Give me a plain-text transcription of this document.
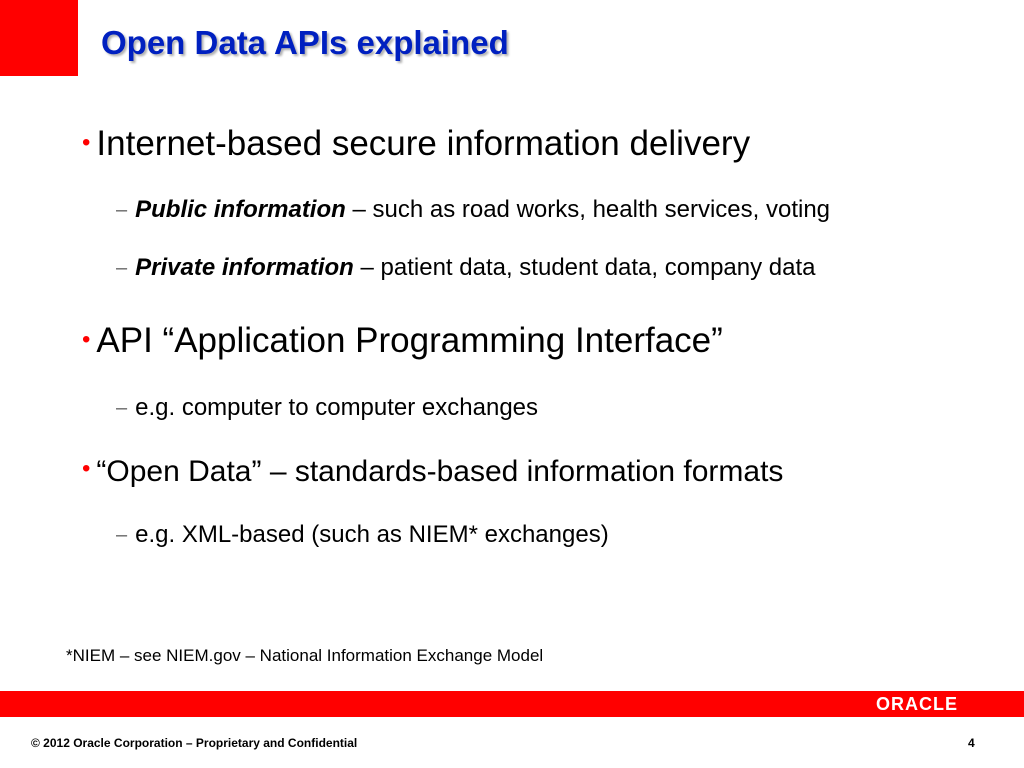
Open Data APIs explained
• Internet-based secure information delivery
– Public information – such as road works, health services, voting
– Private information – patient data, student data, company data
• API “Application Programming Interface”
– e.g. computer to computer exchanges
• “Open Data” – standards-based information formats
– e.g. XML-based (such as NIEM* exchanges)
*NIEM – see NIEM.gov – National Information Exchange Model
ORACLE
© 2012 Oracle Corporation – Proprietary and Confidential	4
